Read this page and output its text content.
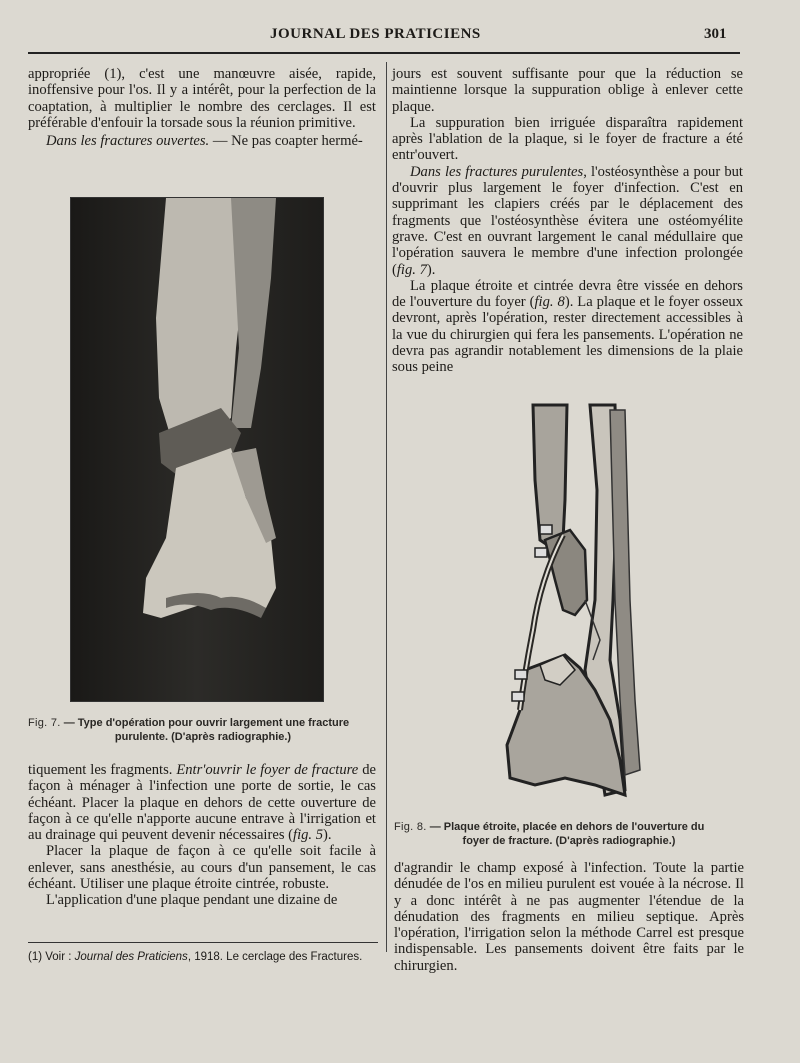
JOURNAL DES PRATICIENS	301

appropriée (1), c'est une manœuvre aisée, rapide, inoffensive pour l'os. Il y a intérêt, pour la perfection de la coaptation, à multiplier le nombre des cerclages. Il est préférable d'enfouir la torsade sous la réunion primitive.

Dans les fractures ouvertes. — Ne pas coapter hermé-

Fig. 7. — Type d'opération pour ouvrir largement une fracture
purulente. (D'après radiographie.)

tiquement les fragments. Entr'ouvrir le foyer de fracture de façon à ménager à l'infection une porte de sortie, le cas échéant. Placer la plaque en dehors de cette ouverture de façon à ce qu'elle n'apporte aucune entrave à l'irrigation et au drainage qui peuvent devenir nécessaires (fig. 5).

Placer la plaque de façon à ce qu'elle soit facile à enlever, sans anesthésie, au cours d'un pansement, le cas échéant. Utiliser une plaque étroite cintrée, robuste.

L'application d'une plaque pendant une dizaine de

(1) Voir : Journal des Praticiens, 1918. Le cerclage des Fractures.

jours est souvent suffisante pour que la réduction se maintienne lorsque la suppuration oblige à enlever cette plaque.

La suppuration bien irriguée disparaîtra rapidement après l'ablation de la plaque, si le foyer de fracture a été entr'ouvert.

Dans les fractures purulentes, l'ostéosynthèse a pour but d'ouvrir plus largement le foyer d'infection. C'est en supprimant les clapiers créés par le déplacement des fragments que l'ostéosynthèse évitera une ostéomyélite grave. C'est en ouvrant largement le canal médullaire que l'opération sauvera le membre d'une infection prolongée (fig. 7).

La plaque étroite et cintrée devra être vissée en dehors de l'ouverture du foyer (fig. 8). La plaque et le foyer osseux devront, après l'opération, rester directement accessibles à la vue du chirurgien qui fera les pansements. L'opération ne devra pas agrandir notablement les dimensions de la plaie sous peine

Fig. 8. — Plaque étroite, placée en dehors de l'ouverture du
foyer de fracture. (D'après radiographie.)

d'agrandir le champ exposé à l'infection. Toute la partie dénudée de l'os en milieu purulent est vouée à la nécrose. Il y a donc intérêt à ne pas augmenter l'étendue de la dénudation des fragments en milieu septique. Après l'opération, l'irrigation selon la méthode Carrel est presque indispensable. Les pansements doivent être faits par le chirurgien.
